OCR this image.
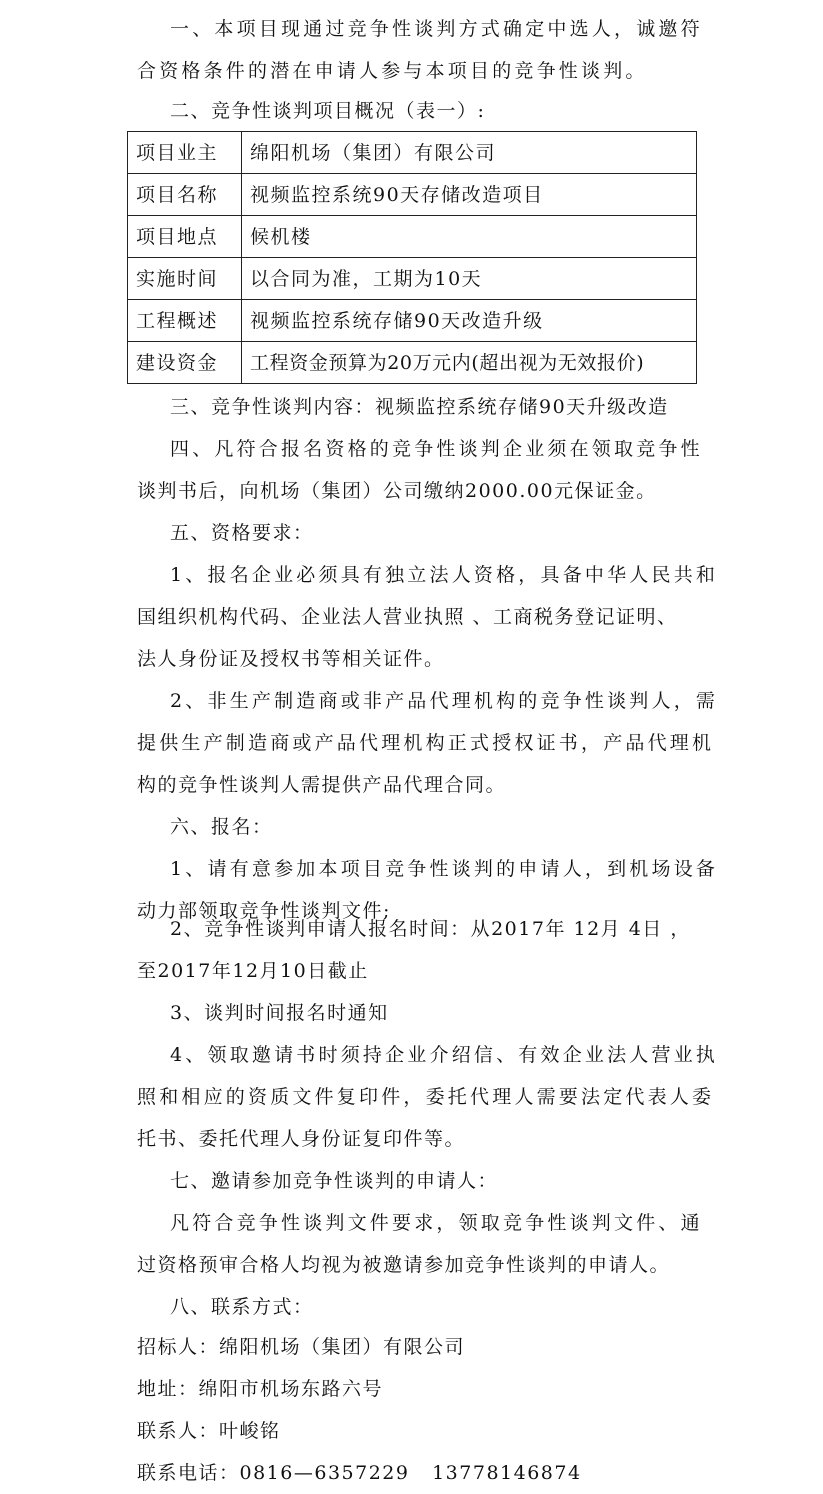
一、本项目现通过竞争性谈判方式确定中选人，诚邀符
合资格条件的潜在申请人参与本项目的竞争性谈判。
二、竞争性谈判项目概况（表一）:
项目业主	绵阳机场（集团）有限公司
项目名称	视频监控系统90天存储改造项目
项目地点	候机楼
实施时间	以合同为准，工期为10天
工程概述	视频监控系统存储90天改造升级
建设资金	工程资金预算为20万元内(超出视为无效报价)
三、竞争性谈判内容：视频监控系统存储90天升级改造
四、凡符合报名资格的竞争性谈判企业须在领取竞争性
谈判书后，向机场（集团）公司缴纳2000.00元保证金。
五、资格要求：
1、报名企业必须具有独立法人资格，具备中华人民共和
国组织机构代码、企业法人营业执照 、工商税务登记证明、
法人身份证及授权书等相关证件。
2、非生产制造商或非产品代理机构的竞争性谈判人，需
提供生产制造商或产品代理机构正式授权证书，产品代理机
构的竞争性谈判人需提供产品代理合同。
六、报名：
1、请有意参加本项目竞争性谈判的申请人，到机场设备
动力部领取竞争性谈判文件;
2、竞争性谈判申请人报名时间：从2017年 12月 4日 ，
至2017年12月10日截止
3、谈判时间报名时通知
4、领取邀请书时须持企业介绍信、有效企业法人营业执
照和相应的资质文件复印件，委托代理人需要法定代表人委
托书、委托代理人身份证复印件等。
七、邀请参加竞争性谈判的申请人：
凡符合竞争性谈判文件要求，领取竞争性谈判文件、通
过资格预审合格人均视为被邀请参加竞争性谈判的申请人。
八、联系方式：
招标人：绵阳机场（集团）有限公司
地址：绵阳市机场东路六号
联系人：叶峻铭
联系电话：0816—6357229   13778146874
